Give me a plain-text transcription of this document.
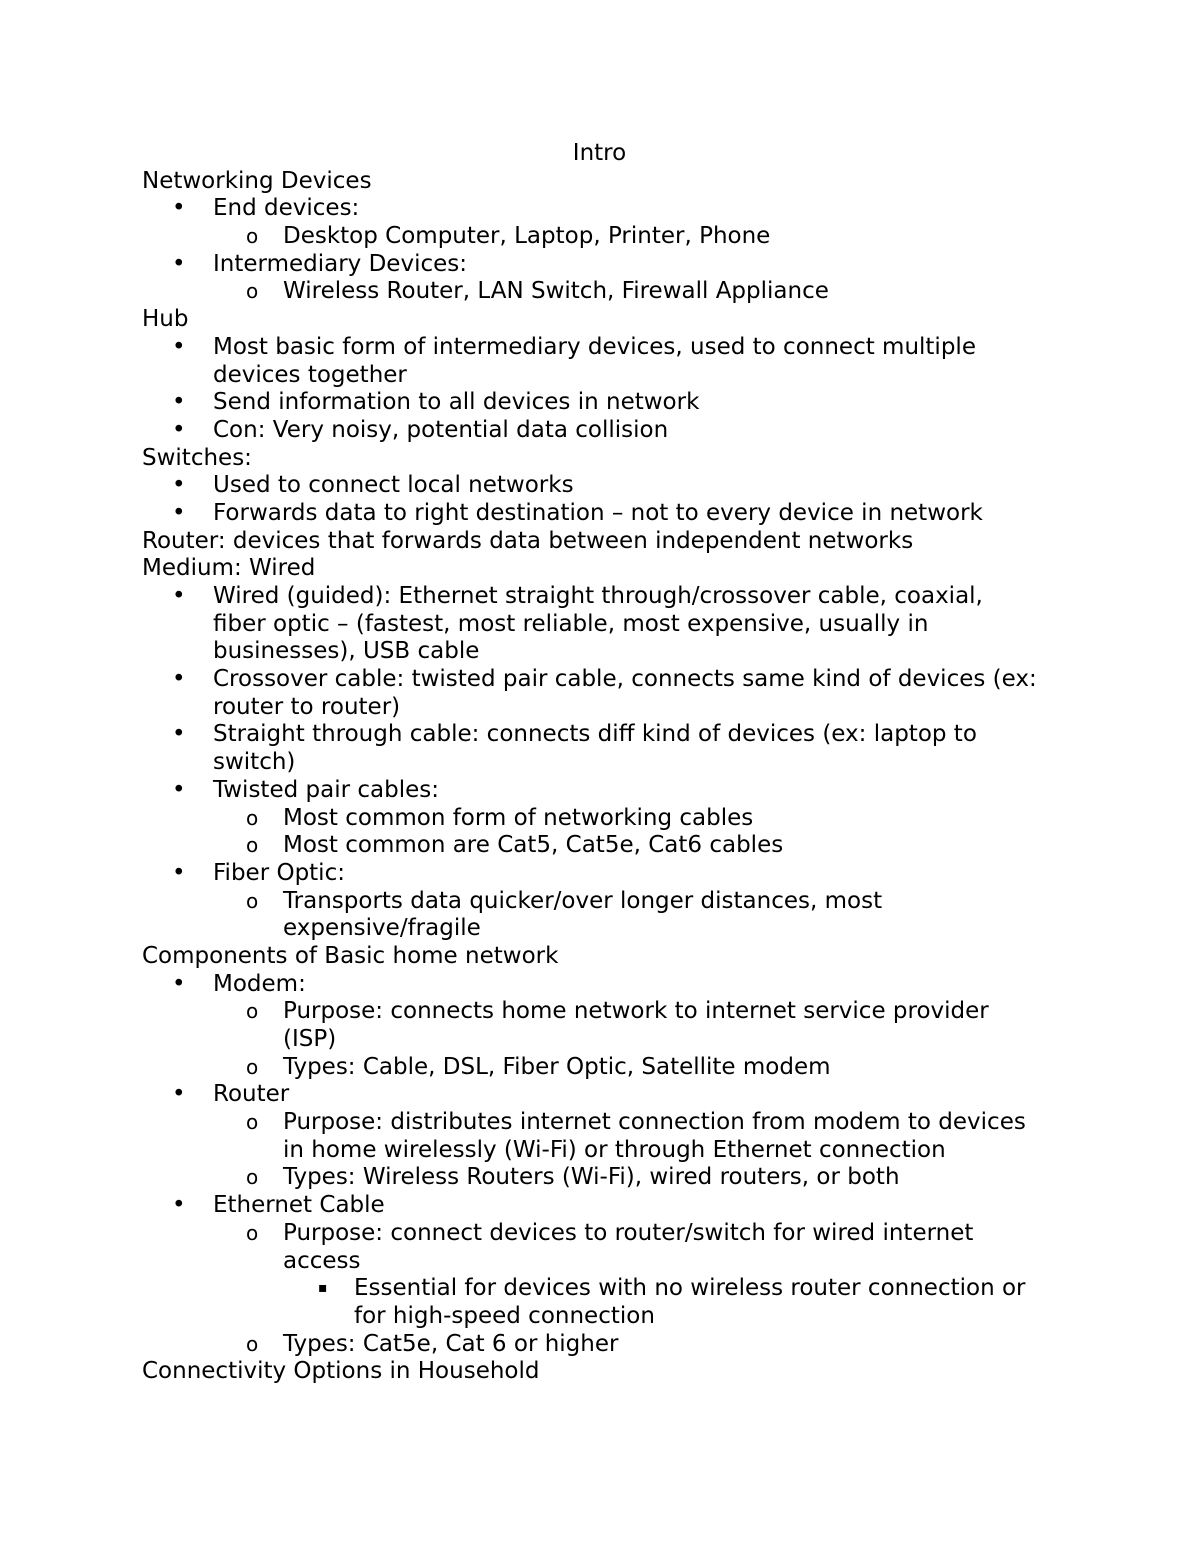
Intro
Networking Devices
• End devices:
o Desktop Computer, Laptop, Printer, Phone
• Intermediary Devices:
o Wireless Router, LAN Switch, Firewall Appliance
Hub
• Most basic form of intermediary devices, used to connect multiple
devices together
• Send information to all devices in network
• Con: Very noisy, potential data collision
Switches:
• Used to connect local networks
• Forwards data to right destination – not to every device in network
Router: devices that forwards data between independent networks
Medium: Wired
• Wired (guided): Ethernet straight through/crossover cable, coaxial,
fiber optic – (fastest, most reliable, most expensive, usually in
businesses), USB cable
• Crossover cable: twisted pair cable, connects same kind of devices (ex:
router to router)
• Straight through cable: connects diff kind of devices (ex: laptop to
switch)
• Twisted pair cables:
o Most common form of networking cables
o Most common are Cat5, Cat5e, Cat6 cables
• Fiber Optic:
o Transports data quicker/over longer distances, most
expensive/fragile
Components of Basic home network
• Modem:
o Purpose: connects home network to internet service provider
(ISP)
o Types: Cable, DSL, Fiber Optic, Satellite modem
• Router
o Purpose: distributes internet connection from modem to devices
in home wirelessly (Wi-Fi) or through Ethernet connection
o Types: Wireless Routers (Wi-Fi), wired routers, or both
• Ethernet Cable
o Purpose: connect devices to router/switch for wired internet
access
▪ Essential for devices with no wireless router connection or
for high-speed connection
o Types: Cat5e, Cat 6 or higher
Connectivity Options in Household
